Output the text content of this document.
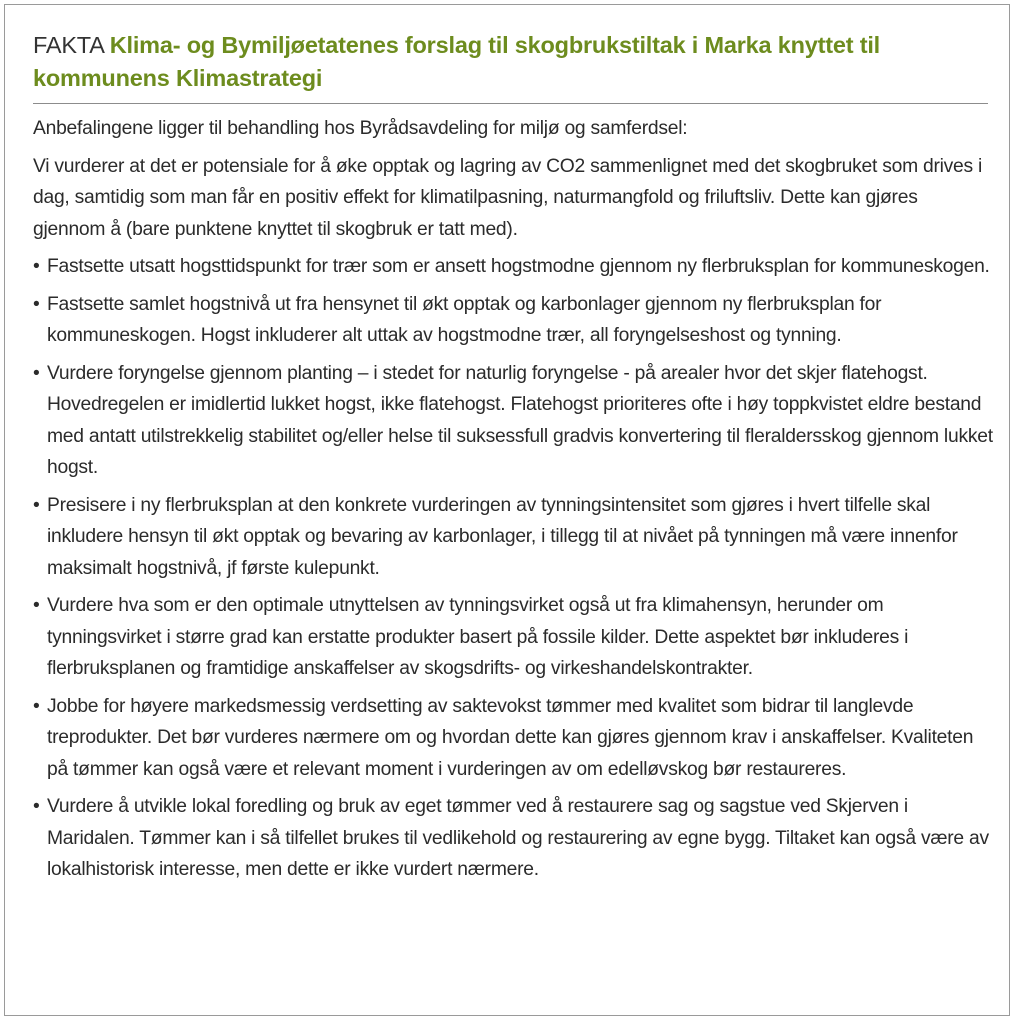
FAKTA Klima- og Bymiljøetatenes forslag til skogbrukstiltak i Marka knyttet til kommunens Klimastrategi

Anbefalingene ligger til behandling hos Byrådsavdeling for miljø og samferdsel:

Vi vurderer at det er potensiale for å øke opptak og lagring av CO2 sammenlignet med det skogbruket som drives i dag, samtidig som man får en positiv effekt for klimatilpasning, naturmangfold og friluftsliv. Dette kan gjøres gjennom å (bare punktene knyttet til skogbruk er tatt med).

• Fastsette utsatt hogsttidspunkt for trær som er ansett hogstmodne gjennom ny flerbruksplan for kommuneskogen.
• Fastsette samlet hogstnivå ut fra hensynet til økt opptak og karbonlager gjennom ny flerbruksplan for kommuneskogen. Hogst inkluderer alt uttak av hogstmodne trær, all foryngelseshost og tynning.
• Vurdere foryngelse gjennom planting – i stedet for naturlig foryngelse - på arealer hvor det skjer flatehogst. Hovedregelen er imidlertid lukket hogst, ikke flatehogst. Flatehogst prioriteres ofte i høy toppkvistet eldre bestand med antatt utilstrekkelig stabilitet og/eller helse til suksessfull gradvis konvertering til fleraldersskog gjennom lukket hogst.
• Presisere i ny flerbruksplan at den konkrete vurderingen av tynningsintensitet som gjøres i hvert tilfelle skal inkludere hensyn til økt opptak og bevaring av karbonlager, i tillegg til at nivået på tynningen må være innenfor maksimalt hogstnivå, jf første kulepunkt.
• Vurdere hva som er den optimale utnyttelsen av tynningsvirket også ut fra klimahensyn, herunder om tynningsvirket i større grad kan erstatte produkter basert på fossile kilder. Dette aspektet bør inkluderes i flerbruksplanen og framtidige anskaffelser av skogsdrifts- og virkeshandelskontrakter.
• Jobbe for høyere markedsmessig verdsetting av saktevokst tømmer med kvalitet som bidrar til langlevde treprodukter. Det bør vurderes nærmere om og hvordan dette kan gjøres gjennom krav i anskaffelser. Kvaliteten på tømmer kan også være et relevant moment i vurderingen av om edelløvskog bør restaureres.
• Vurdere å utvikle lokal foredling og bruk av eget tømmer ved å restaurere sag og sagstue ved Skjerven i Maridalen. Tømmer kan i så tilfellet brukes til vedlikehold og restaurering av egne bygg. Tiltaket kan også være av lokalhistorisk interesse, men dette er ikke vurdert nærmere.
